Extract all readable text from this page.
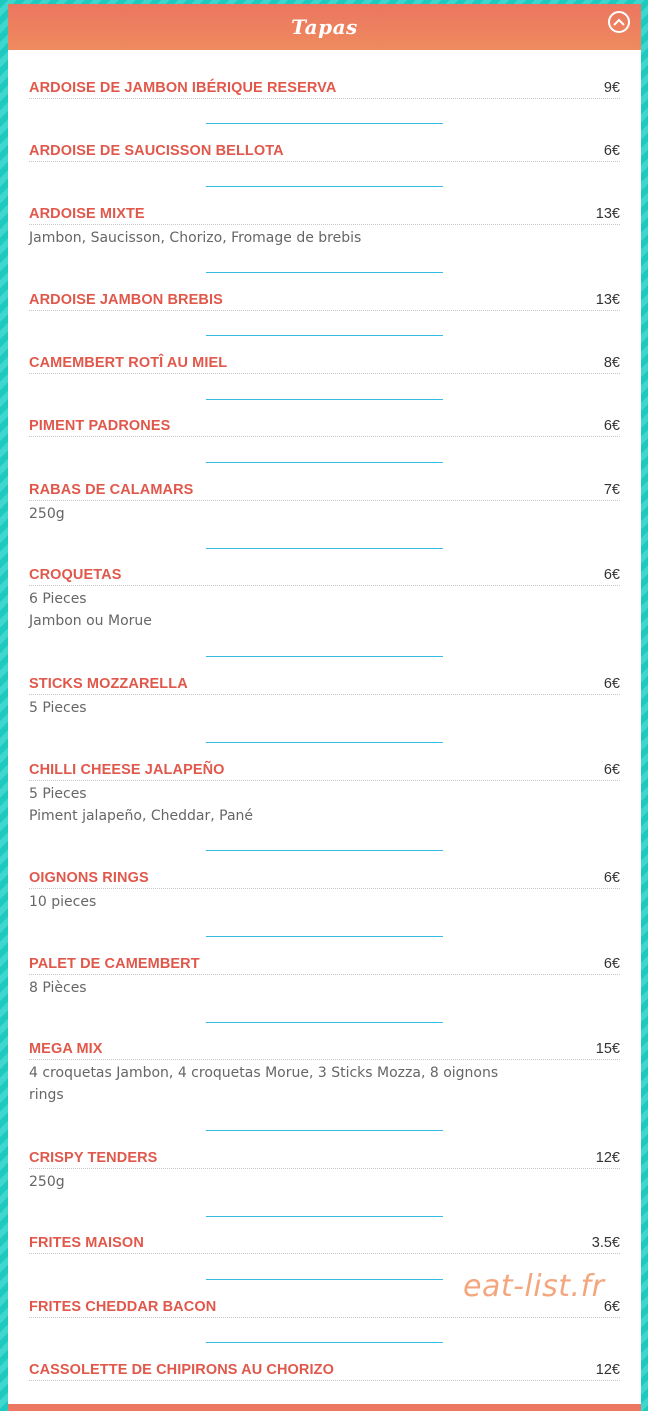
Tapas
ARDOISE DE JAMBON IBÉRIQUE RESERVA	9€
ARDOISE DE SAUCISSON BELLOTA	6€
ARDOISE MIXTE	13€
Jambon, Saucisson, Chorizo, Fromage de brebis
ARDOISE JAMBON BREBIS	13€
CAMEMBERT ROTÎ AU MIEL	8€
PIMENT PADRONES	6€
RABAS DE CALAMARS	7€
250g
CROQUETAS	6€
6 Pieces
Jambon ou Morue
STICKS MOZZARELLA	6€
5 Pieces
CHILLI CHEESE JALAPEÑO	6€
5 Pieces
Piment jalapeño, Cheddar, Pané
OIGNONS RINGS	6€
10 pieces
PALET DE CAMEMBERT	6€
8 Pièces
MEGA MIX	15€
4 croquetas Jambon, 4 croquetas Morue, 3 Sticks Mozza, 8 oignons rings
CRISPY TENDERS	12€
250g
FRITES MAISON	3.5€
FRITES CHEDDAR BACON	6€
CASSOLETTE DE CHIPIRONS AU CHORIZO	12€
eat-list.fr
